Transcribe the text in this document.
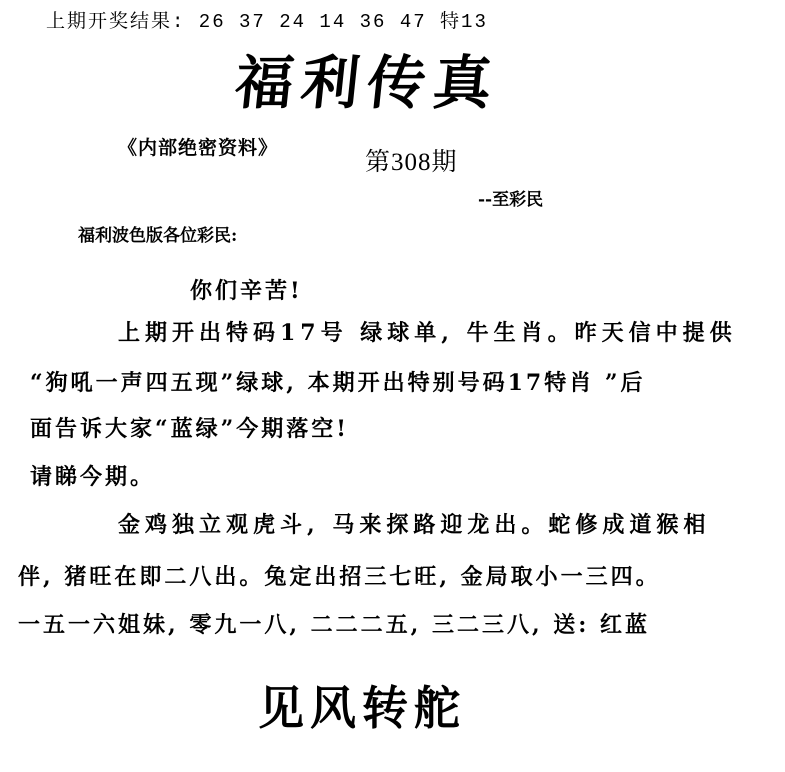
上期开奖结果: 26 37 24 14 36 47 特13
福利传真
《内部绝密资料》
第308期
--至彩民
福利波色版各位彩民:
你们辛苦!
上期开出特码17号 绿球单, 牛生肖。昨天信中提供
“狗吼一声四五现”绿球, 本期开出特别号码17特肖 ”后
面告诉大家“蓝绿”今期落空!
请睇今期。
金鸡独立观虎斗, 马来探路迎龙出。蛇修成道猴相
伴, 猪旺在即二八出。兔定出招三七旺, 金局取小一三四。
一五一六姐妹, 零九一八, 二二二五, 三二三八, 送: 红蓝
见风转舵
